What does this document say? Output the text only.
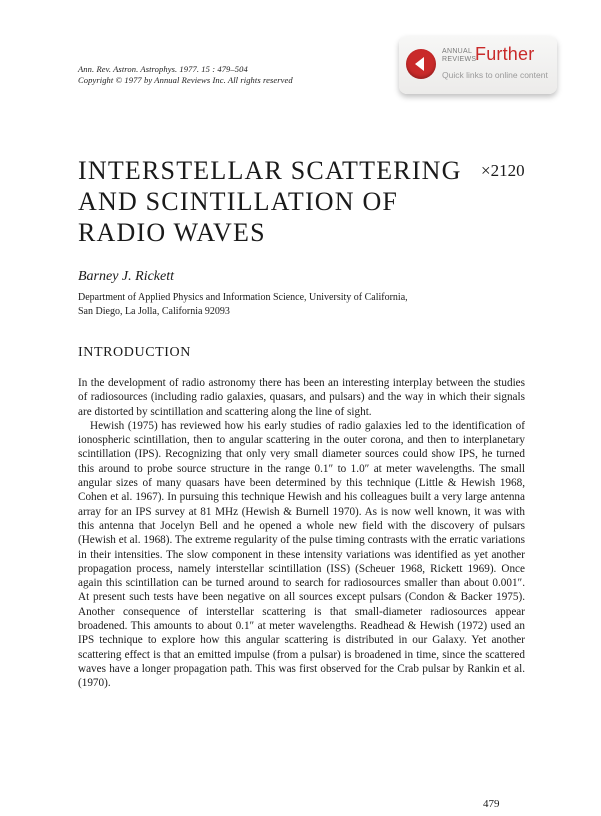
Ann. Rev. Astron. Astrophys. 1977. 15 : 479–504
Copyright © 1977 by Annual Reviews Inc. All rights reserved
ANNUAL
REVIEWS
Further
Quick links to online content
INTERSTELLAR SCATTERING
AND SCINTILLATION OF
RADIO WAVES
×2120
Barney J. Rickett
Department of Applied Physics and Information Science, University of California,
San Diego, La Jolla, California 92093
INTRODUCTION

In the development of radio astronomy there has been an interesting interplay between the studies of radiosources (including radio galaxies, quasars, and pulsars) and the way in which their signals are distorted by scintillation and scattering along the line of sight.

Hewish (1975) has reviewed how his early studies of radio galaxies led to the identification of ionospheric scintillation, then to angular scattering in the outer corona, and then to interplanetary scintillation (IPS). Recognizing that only very small diameter sources could show IPS, he turned this around to probe source structure in the range 0.1″ to 1.0″ at meter wavelengths. The small angular sizes of many quasars have been determined by this technique (Little & Hewish 1968, Cohen et al. 1967). In pursuing this technique Hewish and his colleagues built a very large antenna array for an IPS survey at 81 MHz (Hewish & Burnell 1970). As is now well known, it was with this antenna that Jocelyn Bell and he opened a whole new field with the discovery of pulsars (Hewish et al. 1968). The extreme regularity of the pulse timing contrasts with the erratic variations in their intensities. The slow component in these intensity variations was identified as yet another propagation process, namely interstellar scintillation (ISS) (Scheuer 1968, Rickett 1969). Once again this scintillation can be turned around to search for radiosources smaller than about 0.001″. At present such tests have been negative on all sources except pulsars (Condon & Backer 1975). Another consequence of interstellar scattering is that small-diameter radiosources appear broadened. This amounts to about 0.1″ at meter wavelengths. Readhead & Hewish (1972) used an IPS technique to explore how this angular scattering is distributed in our Galaxy. Yet another scattering effect is that an emitted impulse (from a pulsar) is broadened in time, since the scattered waves have a longer propagation path. This was first observed for the Crab pulsar by Rankin et al. (1970).

479
